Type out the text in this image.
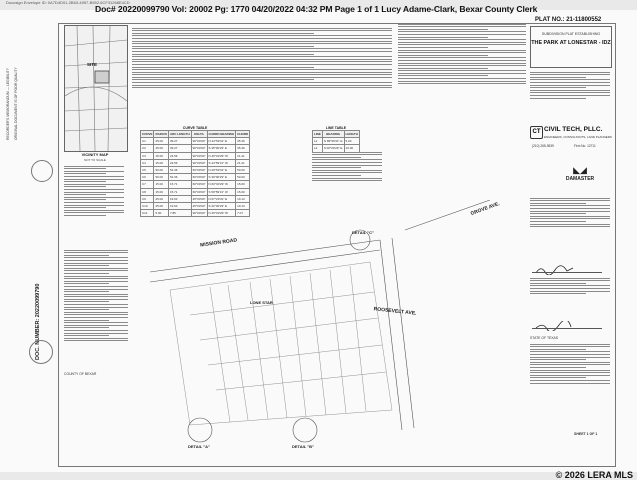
Docusign Envelope ID: 0A7D4D91-2B63-4957-B952-6CF31268E4CD
Doc# 20220099790 Vol: 20002 Pg: 1770 04/20/2022 04:32 PM Page 1 of 1 Lucy Adame-Clark, Bexar County Clerk
RECORDER'S MEMORANDUM — LEGIBILITY ORIGINAL DOCUMENT IS OF POOR QUALITY
DOC. NUMBER: 20220099790
SITE
VICINITY MAP
NOT TO SCALE
COUNTY OF BEXAR
PLAT NO.: 21-11800552
SUBDIVISION PLAT ESTABLISHING
THE PARK AT LONESTAR - IDZ
CT CIVIL TECH, PLLC.
ENGINEERS, CONSULTANTS, LAND PLANNERS
(210) 265-9539	Firm No. 12711
◣◢
DAMASTER
STATE OF TEXAS
SHEET 1 OF 1
CURVE TABLE
CURVE	RADIUS	ARC LENGTH	DELTA	CHORD BEARING	CHORD
C1	25.00	39.27	90°00'00"	N 44°59'31" E	35.36
C2	25.00	39.27	90°00'00"	S 45°00'29" E	35.36
C3	15.00	23.56	90°00'00"	N 45°00'29" W	21.21
C4	15.00	23.56	90°00'00"	S 44°59'31" W	21.21
C5	50.00	52.36	60°00'00"	N 29°59'31" E	50.00
C6	50.00	52.36	60°00'00"	S 30°00'29" E	50.00
C7	15.00	15.71	60°00'00"	N 60°00'29" W	15.00
C8	15.00	15.71	60°00'00"	S 59°59'31" W	15.00
C9	25.00	19.63	45°00'00"	N 67°29'31" E	19.13
C10	25.00	19.63	45°00'00"	S 22°30'29" E	19.13
C11	5.00	7.85	90°00'00"	N 45°00'29" W	7.07
LINE TABLE
LINE	BEARING	LENGTH
L1	N 89°59'31" E	5.00
L2	S 00°00'29" E	10.00
MISSION ROAD
GROVE AVE.
ROOSEVELT AVE.
LONE STAR
DETAIL "A"	DETAIL "B"
DETAIL "C"
© 2026 LERA MLS
